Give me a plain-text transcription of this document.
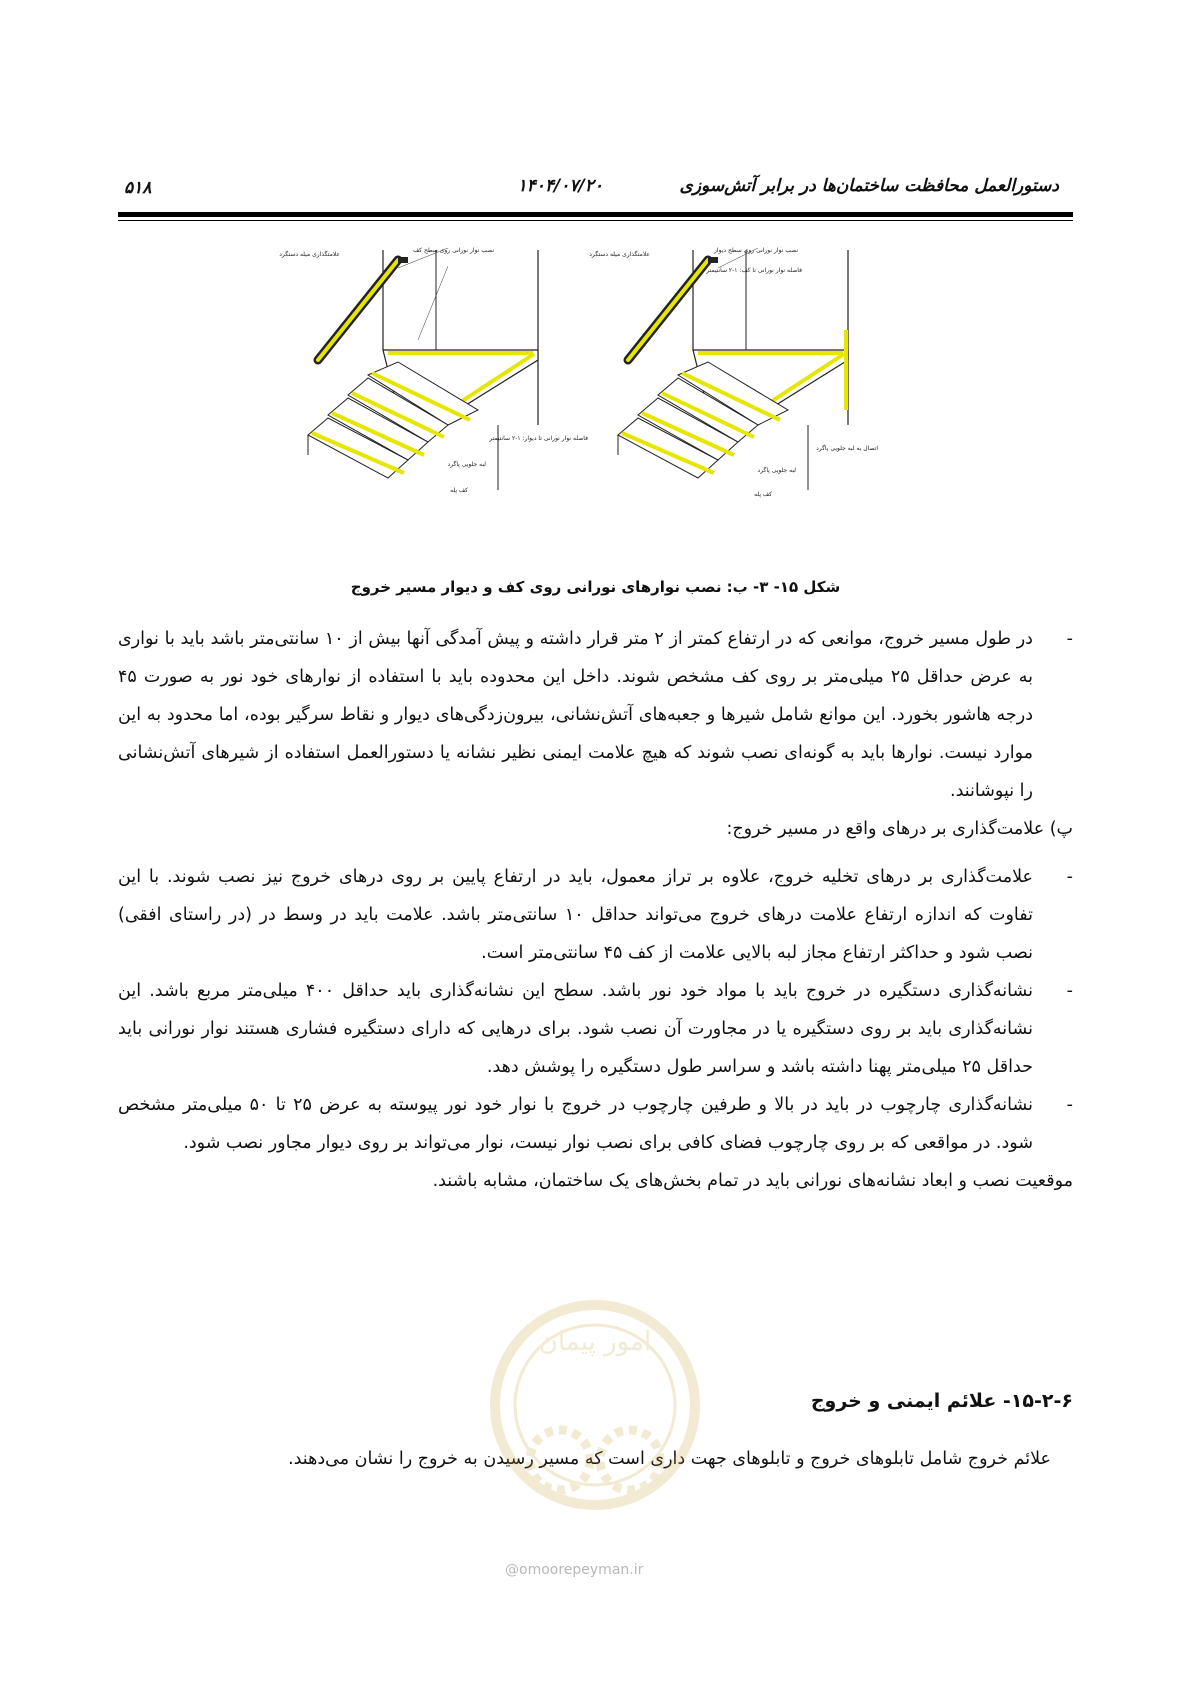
دستورالعمل محافظت ساختمان‌ها در برابر آتش‌سوزی
۱۴۰۴/۰۷/۲۰
۵۱۸
علامتگذاری میله دستگرد
نصب نوار نورانی روی سطح کف
فاصله نوار نورانی تا دیوار: ۱-۲ سانتیمتر
لبه جلویی پاگرد
کف پله
علامتگذاری میله دستگرد
نصب نوار نورانی روی سطح دیوار
فاصله نوار نورانی تا کف: ۱-۲ سانتیمتر
اتصال به لبه جلویی پاگرد
لبه جلویی پاگرد
کف پله
شکل ۱۵- ۳- ب: نصب نوارهای نورانی روی کف و دیوار مسیر خروج
- در طول مسیر خروج، موانعی که در ارتفاع کمتر از ۲ متر قرار داشته و پیش آمدگی آنها بیش از ۱۰ سانتی‌متر باشد باید با نواری به عرض حداقل ۲۵ میلی‌متر بر روی کف مشخص شوند. داخل این محدوده باید با استفاده از نوارهای خود نور به صورت ۴۵ درجه هاشور بخورد. این موانع شامل شیرها و جعبه‌های آتش‌نشانی، بیرون‌زدگی‌های دیوار و نقاط سرگیر بوده، اما محدود به این موارد نیست. نوارها باید به گونه‌ای نصب شوند که هیچ علامت ایمنی نظیر نشانه یا دستورالعمل استفاده از شیرهای آتش‌نشانی را نپوشانند.
پ) علامت‌گذاری بر درهای واقع در مسیر خروج:
- علامت‌گذاری بر درهای تخلیه خروج، علاوه بر تراز معمول، باید در ارتفاع پایین بر روی درهای خروج نیز نصب شوند. با این تفاوت که اندازه ارتفاع علامت درهای خروج می‌تواند حداقل ۱۰ سانتی‌متر باشد. علامت باید در وسط در (در راستای افقی) نصب شود و حداکثر ارتفاع مجاز لبه بالایی علامت از کف ۴۵ سانتی‌متر است.
- نشانه‌گذاری دستگیره در خروج باید با مواد خود نور باشد. سطح این نشانه‌گذاری باید حداقل ۴۰۰ میلی‌متر مربع باشد. این نشانه‌گذاری باید بر روی دستگیره یا در مجاورت آن نصب شود. برای درهایی که دارای دستگیره فشاری هستند نوار نورانی باید حداقل ۲۵ میلی‌متر پهنا داشته باشد و سراسر طول دستگیره را پوشش دهد.
- نشانه‌گذاری چارچوب در باید در بالا و طرفین چارچوب در خروج با نوار خود نور پیوسته به عرض ۲۵ تا ۵۰ میلی‌متر مشخص شود. در مواقعی که بر روی چارچوب فضای کافی برای نصب نوار نیست، نوار می‌تواند بر روی دیوار مجاور نصب شود.
موقعیت نصب و ابعاد نشانه‌های نورانی باید در تمام بخش‌های یک ساختمان، مشابه باشند.
۱۵-۲-۶- علائم ایمنی و خروج
علائم خروج شامل تابلوهای خروج و تابلوهای جهت داری است که مسیر رسیدن به خروج را نشان می‌دهند.
امور پیمان
@omoorepeyman.ir
